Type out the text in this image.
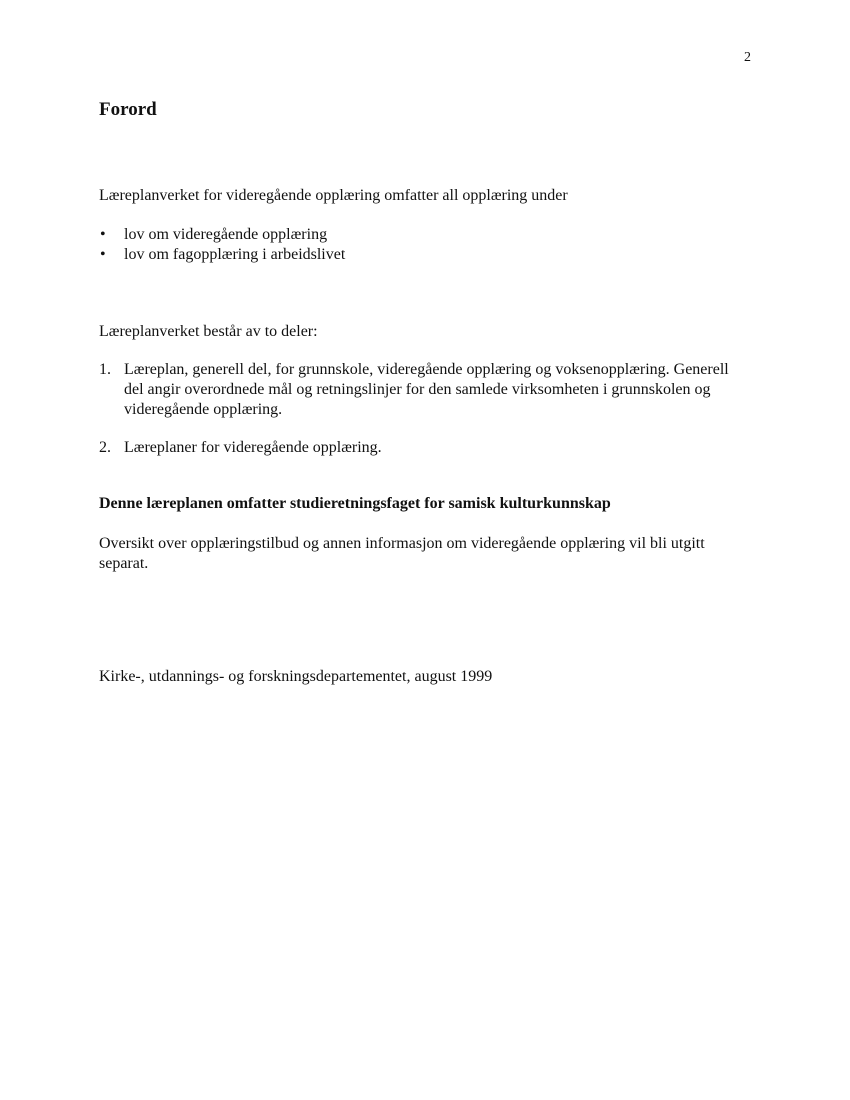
2
Forord

Læreplanverket for videregående opplæring omfatter all opplæring under

• lov om videregående opplæring
• lov om fagopplæring i arbeidslivet

Læreplanverket består av to deler:

1. Læreplan, generell del, for grunnskole, videregående opplæring og voksenopplæring. Generell del angir overordnede mål og retningslinjer for den samlede virksomheten i grunnskolen og videregående opplæring.
2. Læreplaner for videregående opplæring.

Denne læreplanen omfatter studieretningsfaget for samisk kulturkunnskap

Oversikt over opplæringstilbud og annen informasjon om videregående opplæring vil bli utgitt separat.

Kirke-, utdannings- og forskningsdepartementet, august 1999
